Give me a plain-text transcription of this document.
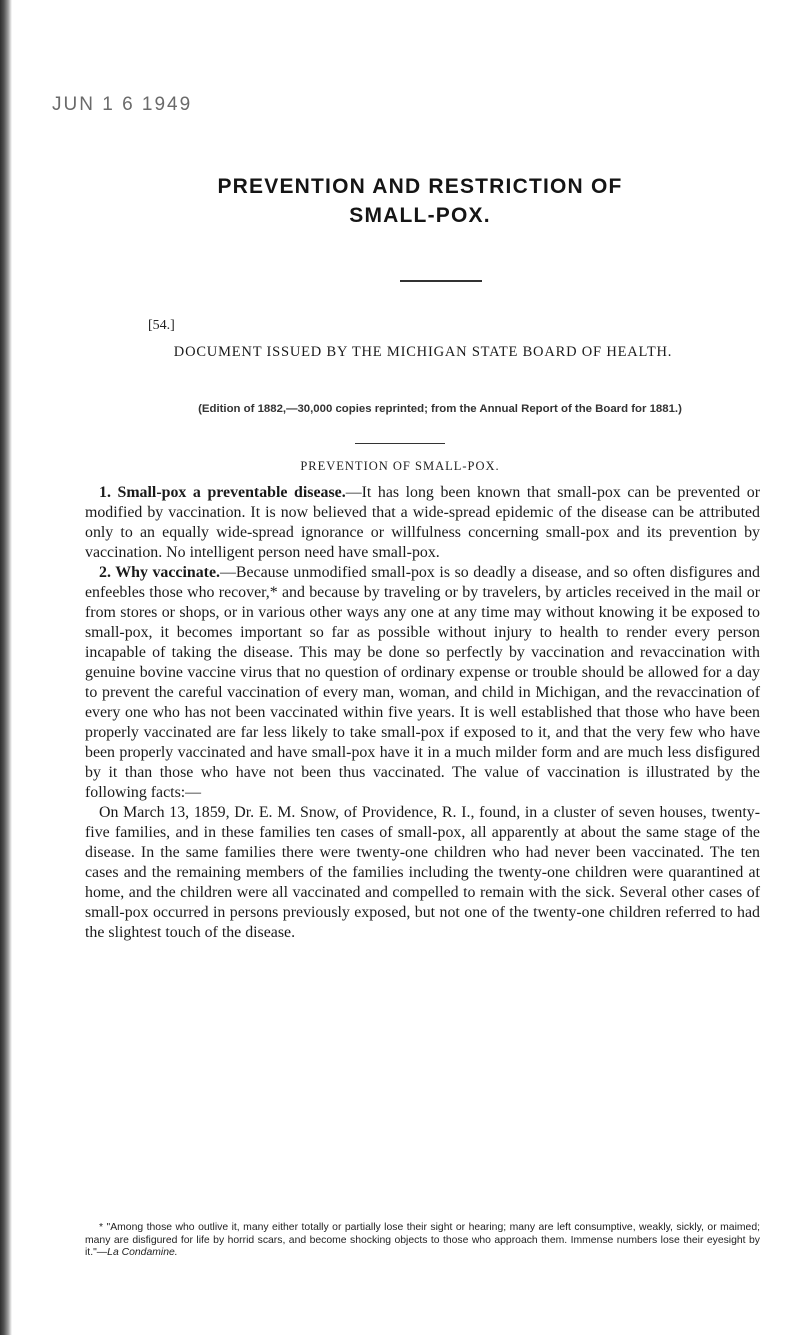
JUN 1 6 1949
PREVENTION AND RESTRICTION OF
SMALL-POX.
[54.]
DOCUMENT ISSUED BY THE MICHIGAN STATE BOARD OF HEALTH.
(Edition of 1882,—30,000 copies reprinted; from the Annual Report of the Board for 1881.)
PREVENTION OF SMALL-POX.

1. Small-pox a preventable disease.—It has long been known that small-pox can be prevented or modified by vaccination. It is now believed that a wide-spread epidemic of the disease can be attributed only to an equally wide-spread ignorance or willfulness concerning small-pox and its prevention by vaccination. No intelligent person need have small-pox.

2. Why vaccinate.—Because unmodified small-pox is so deadly a disease, and so often disfigures and enfeebles those who recover,* and because by traveling or by travelers, by articles received in the mail or from stores or shops, or in various other ways any one at any time may without knowing it be exposed to small-pox, it becomes important so far as possible without injury to health to render every person incapable of taking the disease. This may be done so perfectly by vaccination and revaccination with genuine bovine vaccine virus that no question of ordinary expense or trouble should be allowed for a day to prevent the careful vaccination of every man, woman, and child in Michigan, and the revaccination of every one who has not been vaccinated within five years. It is well established that those who have been properly vaccinated are far less likely to take small-pox if exposed to it, and that the very few who have been properly vaccinated and have small-pox have it in a much milder form and are much less disfigured by it than those who have not been thus vaccinated. The value of vaccination is illustrated by the following facts:—

On March 13, 1859, Dr. E. M. Snow, of Providence, R. I., found, in a cluster of seven houses, twenty-five families, and in these families ten cases of small-pox, all apparently at about the same stage of the disease. In the same families there were twenty-one children who had never been vaccinated. The ten cases and the remaining members of the families including the twenty-one children were quarantined at home, and the children were all vaccinated and compelled to remain with the sick. Several other cases of small-pox occurred in persons previously exposed, but not one of the twenty-one children referred to had the slightest touch of the disease.

* "Among those who outlive it, many either totally or partially lose their sight or hearing; many are left consumptive, weakly, sickly, or maimed; many are disfigured for life by horrid scars, and become shocking objects to those who approach them. Immense numbers lose their eyesight by it."—La Condamine.
